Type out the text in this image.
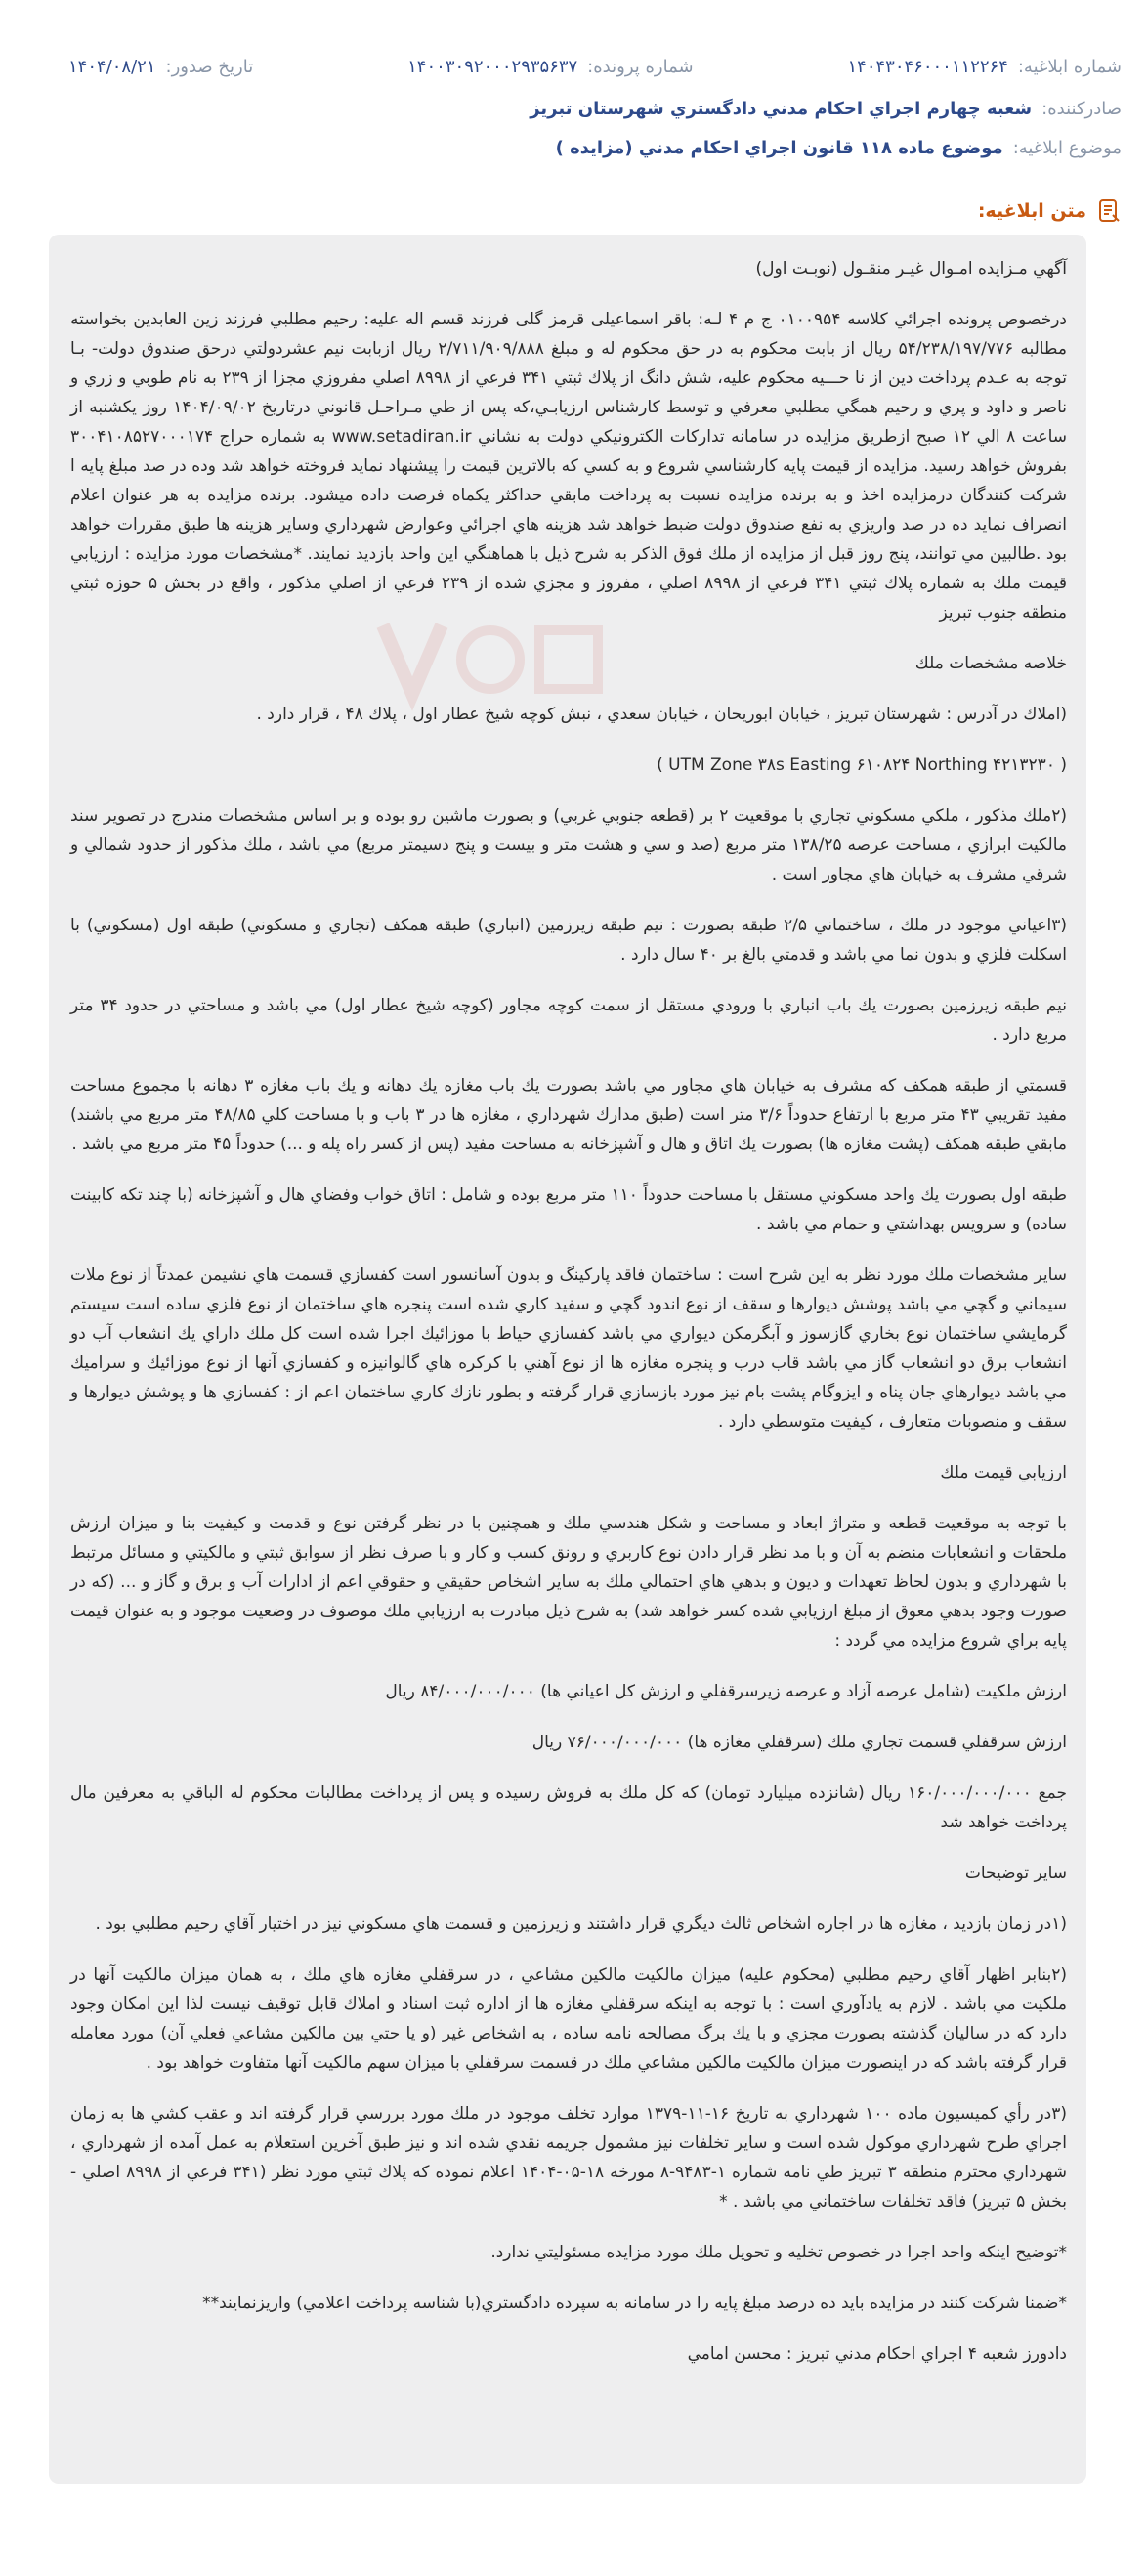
شماره ابلاغیه:
۱۴۰۴۳۰۴۶۰۰۰۱۱۲۲۶۴
شماره پرونده:
۱۴۰۰۳۰۹۲۰۰۰۲۹۳۵۶۳۷
تاریخ صدور:
۱۴۰۴/۰۸/۲۱
صادرکننده:
شعبه چهارم اجراي احكام مدني دادگستري شهرستان تبريز
موضوع ابلاغیه:
موضوع ماده ۱۱۸ قانون اجراي احکام مدني (مزايده )
متن ابلاغیه:

آگهي مـزايده امـوال غيـر منقـول (نوبـت اول)

درخصوص پرونده اجرائي كلاسه ۰۱۰۰۹۵۴ ج م ۴ لـه: باقر اسماعیلی قرمز گلی فرزند قسم اله علیه: رحيم مطلبي فرزند زين العابدين بخواسته مطالبه ۵۴/۲۳۸/۱۹۷/۷۷۶ ريال از بابت محكوم به در حق محكوم له و مبلغ ۲/۷۱۱/۹۰۹/۸۸۸ ريال ازبابت نيم عشردولتي درحق صندوق دولت- بـا توجه به عـدم پرداخت دين از نا حـــيه محكوم عليه، شش دانگ از پلاك ثبتي ۳۴۱ فرعي از ۸۹۹۸ اصلي مفروزي مجزا از ۲۳۹ به نام طوبي و زري و ناصر و داود و پري و رحيم همگي مطلبي معرفي و توسط كارشناس ارزيابـي،كه پس از طي مـراحـل قانوني درتاريخ ۱۴۰۴/۰۹/۰۲ روز يكشنبه از ساعت ۸ الي ۱۲ صبح ازطريق مزايده در سامانه تداركات الكترونيكي دولت به نشاني www.setadiran.ir به شماره حراج ۳۰۰۴۱۰۸۵۲۷۰۰۰۱۷۴ بفروش خواهد رسيد. مزايده از قيمت پايه كارشناسي شروع و به كسي كه بالاترين قيمت را پيشنهاد نمايد فروخته خواهد شد وده در صد مبلغ پايه ا شركت كنندگان درمزايده اخذ و به برنده مزايده نسبت به پرداخت مابقي حداكثر يكماه فرصت داده ميشود. برنده مزايده به هر عنوان اعلام انصراف نمايد ده در صد واريزي به نفع صندوق دولت ضبط خواهد شد هزينه هاي اجرائي وعوارض شهرداري وساير هزينه ها طبق مقررات خواهد بود .طالبين مي توانند، پنج روز قبل از مزايده از ملك فوق الذكر به شرح ذيل با هماهنگي اين واحد بازديد نمايند. *مشخصات مورد مزايده : ارزيابي قيمت ملك به شماره پلاك ثبتي ۳۴۱ فرعي از ۸۹۹۸ اصلي ، مفروز و مجزي شده از ۲۳۹ فرعي از اصلي مذكور ، واقع در بخش ۵ حوزه ثبتي منطقه جنوب تبريز

خلاصه مشخصات ملك

(املاك در آدرس : شهرستان تبريز ، خيابان ابوريحان ، خيابان سعدي ، نبش كوچه شيخ عطار اول ، پلاك ۴۸ ، قرار دارد .

( UTM Zone ۳۸s Easting ۶۱۰۸۲۴ Northing ۴۲۱۳۲۳۰ )

(۲ملك مذكور ، ملكي مسكوني تجاري با موقعيت ۲ بر (قطعه جنوبي غربي) و بصورت ماشين رو بوده و بر اساس مشخصات مندرج در تصوير سند مالكيت ابرازي ، مساحت عرصه ۱۳۸/۲۵ متر مربع (صد و سي و هشت متر و بيست و پنج دسيمتر مربع) مي باشد ، ملك مذكور از حدود شمالي و شرقي مشرف به خيابان هاي مجاور است .

(۳اعياني موجود در ملك ، ساختماني ۲/۵ طبقه بصورت : نيم طبقه زيرزمين (انباري) طبقه همكف (تجاري و مسكوني) طبقه اول (مسكوني) با اسكلت فلزي و بدون نما مي باشد و قدمتي بالغ بر ۴۰ سال دارد .

نيم طبقه زيرزمين بصورت يك باب انباري با ورودي مستقل از سمت كوچه مجاور (كوچه شيخ عطار اول) مي باشد و مساحتي در حدود ۳۴ متر مربع دارد .

قسمتي از طبقه همكف كه مشرف به خيابان هاي مجاور مي باشد بصورت يك باب مغازه يك دهانه و يك باب مغازه ۳ دهانه با مجموع مساحت مفيد تقريبي ۴۳ متر مربع با ارتفاع حدوداً ۳/۶ متر است (طبق مدارك شهرداري ، مغازه ها در ۳ باب و با مساحت كلي ۴۸/۸۵ متر مربع مي باشند) مابقي طبقه همكف (پشت مغازه ها) بصورت يك اتاق و هال و آشپزخانه به مساحت مفيد (پس از كسر راه پله و ...) حدوداً ۴۵ متر مربع مي باشد .

طبقه اول بصورت يك واحد مسكوني مستقل با مساحت حدوداً ۱۱۰ متر مربع بوده و شامل : اتاق خواب وفضاي هال و آشپزخانه (با چند تكه كابينت ساده) و سرويس بهداشتي و حمام مي باشد .

ساير مشخصات ملك مورد نظر به اين شرح است : ساختمان فاقد پاركينگ و بدون آسانسور است كفسازي قسمت هاي نشيمن عمدتاً از نوع ملات سيماني و گچي مي باشد پوشش ديوارها و سقف از نوع اندود گچي و سفيد كاري شده است پنجره هاي ساختمان از نوع فلزي ساده است سيستم گرمايشي ساختمان نوع بخاري گازسوز و آبگرمكن ديواري مي باشد كفسازي حياط با موزائيك اجرا شده است كل ملك داراي يك انشعاب آب دو انشعاب برق دو انشعاب گاز مي باشد قاب درب و پنجره مغازه ها از نوع آهني با كركره هاي گالوانيزه و كفسازي آنها از نوع موزائيك و سراميك مي باشد ديوارهاي جان پناه و ايزوگام پشت بام نيز مورد بازسازي قرار گرفته و بطور نازك كاري ساختمان اعم از : كفسازي ها و پوشش ديوارها و سقف و منصوبات متعارف ، كيفيت متوسطي دارد .

ارزيابي قيمت ملك

با توجه به موقعيت قطعه و متراژ ابعاد و مساحت و شكل هندسي ملك و همچنين با در نظر گرفتن نوع و قدمت و كيفيت بنا و ميزان ارزش ملحقات و انشعابات منضم به آن و با مد نظر قرار دادن نوع كاربري و رونق كسب و كار و با صرف نظر از سوابق ثبتي و مالكيتي و مسائل مرتبط با شهرداري و بدون لحاظ تعهدات و ديون و بدهي هاي احتمالي ملك به ساير اشخاص حقيقي و حقوقي اعم از ادارات آب و برق و گاز و ... (كه در صورت وجود بدهي معوق از مبلغ ارزيابي شده كسر خواهد شد) به شرح ذيل مبادرت به ارزيابي ملك موصوف در وضعيت موجود و به عنوان قيمت پايه براي شروع مزايده مي گردد :

ارزش ملكيت (شامل عرصه آزاد و عرصه زيرسرقفلي و ارزش كل اعياني ها) ۸۴/۰۰۰/۰۰۰/۰۰۰ ريال

ارزش سرقفلي قسمت تجاري ملك (سرقفلي مغازه ها) ۷۶/۰۰۰/۰۰۰/۰۰۰ ريال

جمع ۱۶۰/۰۰۰/۰۰۰/۰۰۰ ريال (شانزده ميليارد تومان) كه كل ملك به فروش رسيده و پس از پرداخت مطالبات محكوم له الباقي به معرفين مال پرداخت خواهد شد

ساير توضيحات

(۱در زمان بازديد ، مغازه ها در اجاره اشخاص ثالث ديگري قرار داشتند و زيرزمين و قسمت هاي مسكوني نيز در اختيار آقاي رحيم مطلبي بود .

(۲بنابر اظهار آقاي رحيم مطلبي (محكوم عليه) ميزان مالكيت مالكين مشاعي ، در سرقفلي مغازه هاي ملك ، به همان ميزان مالكيت آنها در ملكيت مي باشد . لازم به يادآوري است : با توجه به اينكه سرقفلي مغازه ها از اداره ثبت اسناد و املاك قابل توقيف نيست لذا اين امكان وجود دارد كه در سالیان گذشته بصورت مجزي و با يك برگ مصالحه نامه ساده ، به اشخاص غير (و يا حتي بين مالكين مشاعي فعلي آن) مورد معامله قرار گرفته باشد كه در اينصورت ميزان مالكيت مالكين مشاعي ملك در قسمت سرقفلي با ميزان سهم مالكيت آنها متفاوت خواهد بود .

(۳در رأي كميسيون ماده ۱۰۰ شهرداري به تاريخ ۱۶-۱۱-۱۳۷۹ موارد تخلف موجود در ملك مورد بررسي قرار گرفته اند و عقب كشي ها به زمان اجراي طرح شهرداري موكول شده است و ساير تخلفات نيز مشمول جريمه نقدي شده اند و نيز طبق آخرين استعلام به عمل آمده از شهرداري ، شهرداري محترم منطقه ۳ تبريز طي نامه شماره ۱-۹۴۸۳-۸ مورخه ۱۸-۰۵-۱۴۰۴ اعلام نموده كه پلاك ثبتي مورد نظر (۳۴۱ فرعي از ۸۹۹۸ اصلي - بخش ۵ تبريز) فاقد تخلفات ساختماني مي باشد . *

*توضيح اينكه واحد اجرا در خصوص تخليه و تحويل ملك مورد مزايده مسئوليتي ندارد.

*ضمنا شركت كنند در مزايده بايد ده درصد مبلغ پايه را در سامانه به سپرده دادگستري(با شناسه پرداخت اعلامي) واريزنمايند**

دادورز شعبه ۴ اجراي احكام مدني تبريز : محسن امامي
